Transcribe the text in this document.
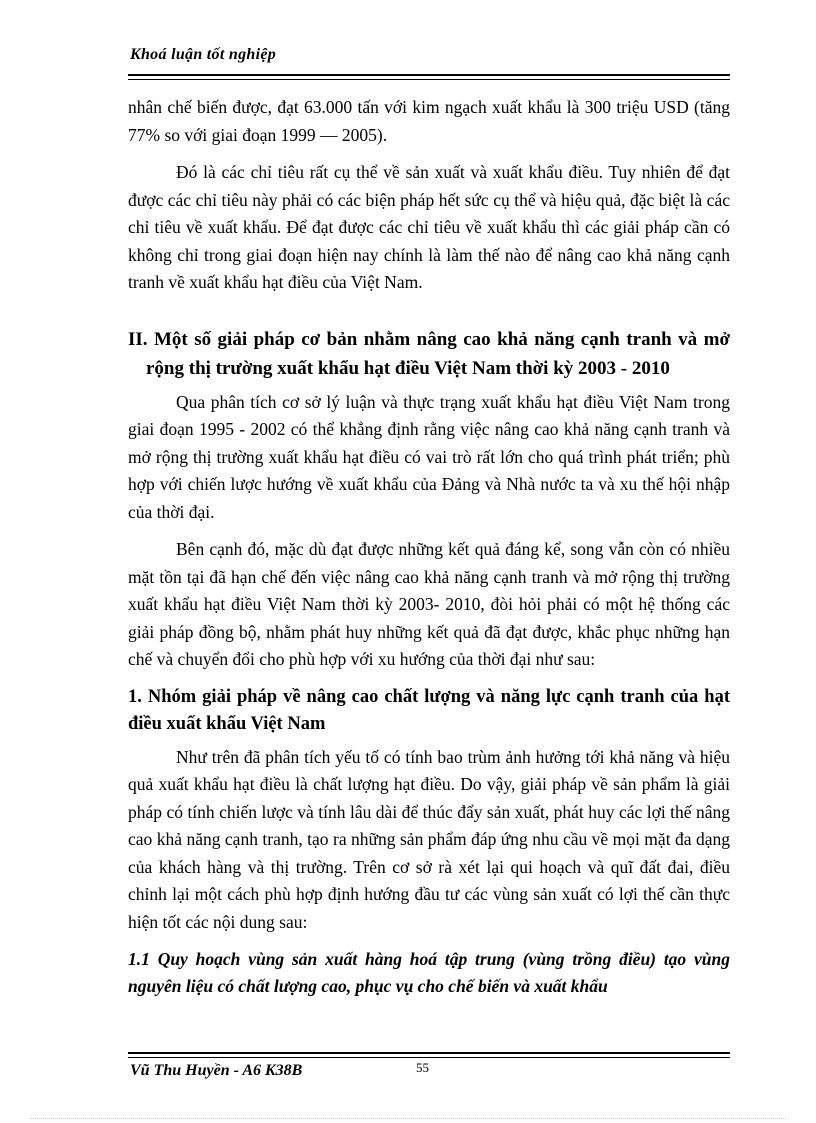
Khoá luận tốt nghiệp

nhân chế biến được, đạt 63.000 tấn với kim ngạch xuất khẩu là 300 triệu USD (tăng 77% so với giai đoạn 1999 — 2005).

Đó là các chỉ tiêu rất cụ thể về sản xuất và xuất khẩu điều. Tuy nhiên để đạt được các chỉ tiêu này phải có các biện pháp hết sức cụ thể và hiệu quả, đặc biệt là các chỉ tiêu về xuất khẩu. Để đạt được các chỉ tiêu về xuất khẩu thì các giải pháp cần có không chỉ trong giai đoạn hiện nay chính là làm thế nào để nâng cao khả năng cạnh tranh về xuất khẩu hạt điều của Việt Nam.

II. Một số giải pháp cơ bản nhằm nâng cao khả năng cạnh tranh và mở rộng thị trường xuất khẩu hạt điều Việt Nam thời kỳ 2003 - 2010

Qua phân tích cơ sở lý luận và thực trạng xuất khẩu hạt điều Việt Nam trong giai đoạn 1995 - 2002 có thể khẳng định rằng việc nâng cao khả năng cạnh tranh và mở rộng thị trường xuất khẩu hạt điều có vai trò rất lớn cho quá trình phát triển; phù hợp với chiến lược hướng về xuất khẩu của Đảng và Nhà nước ta và xu thế hội nhập của thời đại.

Bên cạnh đó, mặc dù đạt được những kết quả đáng kể, song vẫn còn có nhiều mặt tồn tại đã hạn chế đến việc nâng cao khả năng cạnh tranh và mở rộng thị trường xuất khẩu hạt điều Việt Nam thời kỳ 2003- 2010, đòi hỏi phải có một hệ thống các giải pháp đồng bộ, nhằm phát huy những kết quả đã đạt được, khắc phục những hạn chế và chuyển đổi cho phù hợp với xu hướng của thời đại như sau:

1. Nhóm giải pháp về nâng cao chất lượng và năng lực cạnh tranh của hạt điều xuất khẩu Việt Nam

Như trên đã phân tích yếu tố có tính bao trùm ảnh hưởng tới khả năng và hiệu quả xuất khẩu hạt điều là chất lượng hạt điều. Do vậy, giải pháp về sản phẩm là giải pháp có tính chiến lược và tính lâu dài để thúc đẩy sản xuất, phát huy các lợi thế nâng cao khả năng cạnh tranh, tạo ra những sản phẩm đáp ứng nhu cầu về mọi mặt đa dạng của khách hàng và thị trường. Trên cơ sở rà xét lại qui hoạch và quĩ đất đai, điều chỉnh lại một cách phù hợp định hướng đầu tư các vùng sản xuất có lợi thế cần thực hiện tốt các nội dung sau:

1.1 Quy hoạch vùng sản xuất hàng hoá tập trung (vùng trồng điều) tạo vùng nguyên liệu có chất lượng cao, phục vụ cho chế biến và xuất khẩu
Vũ Thu Huyền - A6 K38B	55
